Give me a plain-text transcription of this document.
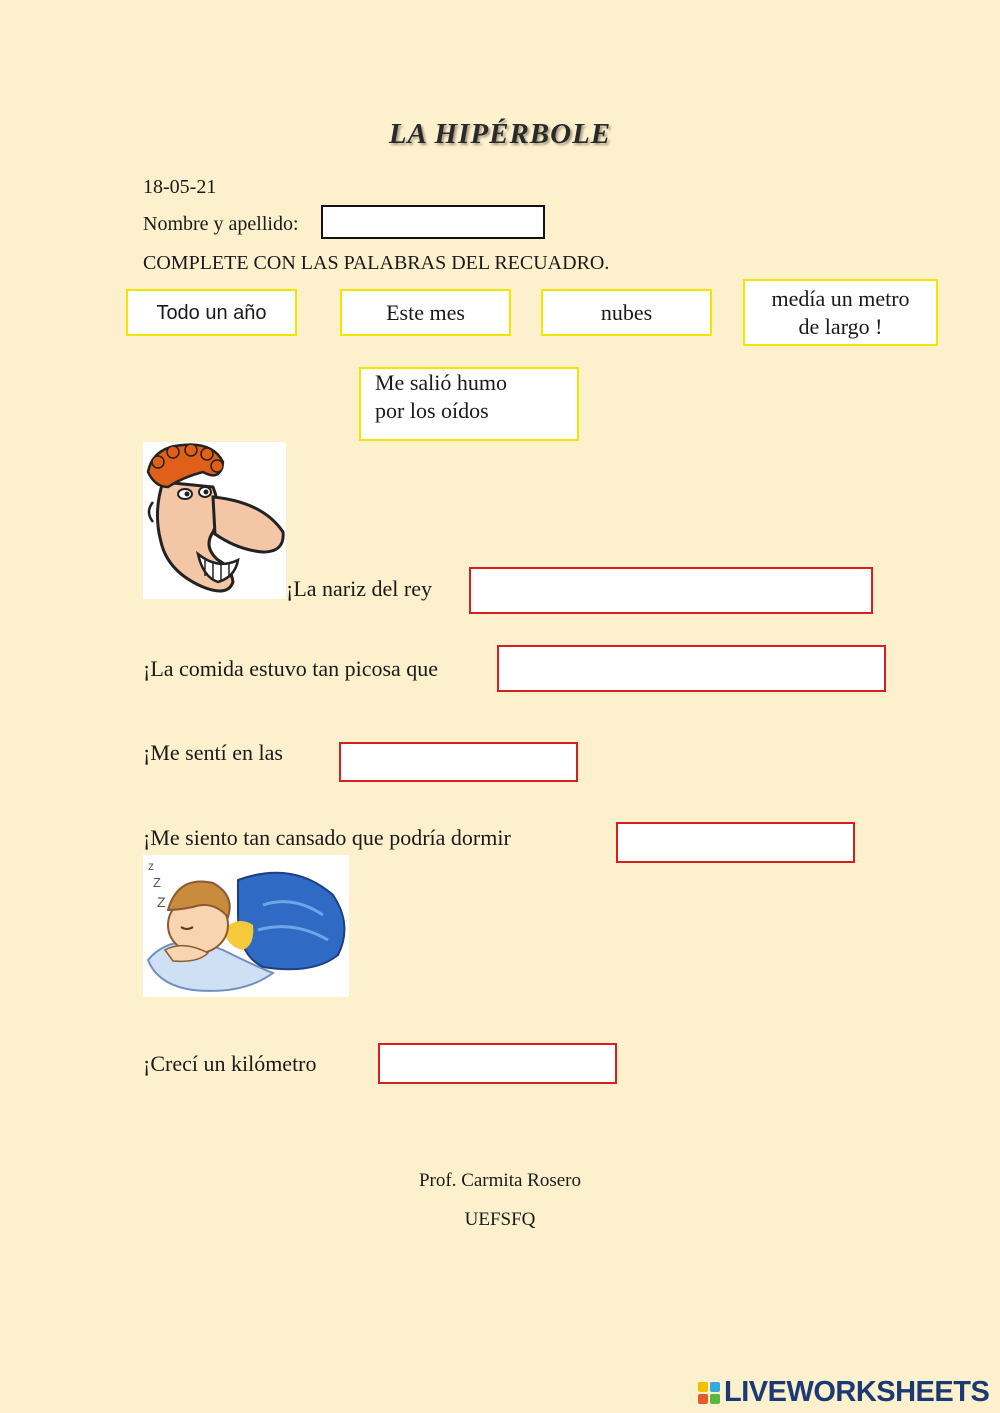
LA HIPÉRBOLE
18-05-21
Nombre y apellido:
COMPLETE CON LAS PALABRAS DEL RECUADRO.
Todo un año	Este mes	nubes
medía un metro
de largo !
Me salió humo
por los oídos
¡La nariz del rey
¡La comida estuvo tan picosa que
¡Me sentí en las
¡Me siento tan cansado que podría dormir
z
Z
Z
¡Crecí un kilómetro
Prof. Carmita Rosero
UEFSFQ
LIVEWORKSHEETS
